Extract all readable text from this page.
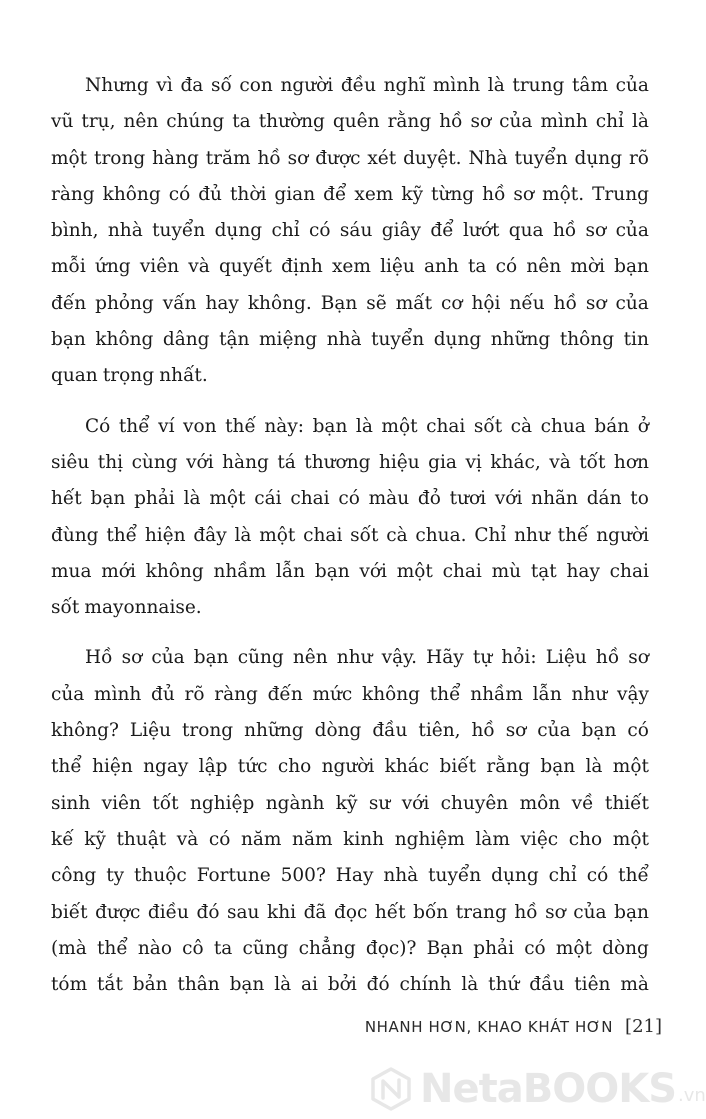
Nhưng vì đa số con người đều nghĩ mình là trung tâm của
vũ trụ, nên chúng ta thường quên rằng hồ sơ của mình chỉ là
một trong hàng trăm hồ sơ được xét duyệt. Nhà tuyển dụng rõ
ràng không có đủ thời gian để xem kỹ từng hồ sơ một. Trung
bình, nhà tuyển dụng chỉ có sáu giây để lướt qua hồ sơ của
mỗi ứng viên và quyết định xem liệu anh ta có nên mời bạn
đến phỏng vấn hay không. Bạn sẽ mất cơ hội nếu hồ sơ của
bạn không dâng tận miệng nhà tuyển dụng những thông tin
quan trọng nhất.
Có thể ví von thế này: bạn là một chai sốt cà chua bán ở
siêu thị cùng với hàng tá thương hiệu gia vị khác, và tốt hơn
hết bạn phải là một cái chai có màu đỏ tươi với nhãn dán to
đùng thể hiện đây là một chai sốt cà chua. Chỉ như thế người
mua mới không nhầm lẫn bạn với một chai mù tạt hay chai
sốt mayonnaise.
Hồ sơ của bạn cũng nên như vậy. Hãy tự hỏi: Liệu hồ sơ
của mình đủ rõ ràng đến mức không thể nhầm lẫn như vậy
không? Liệu trong những dòng đầu tiên, hồ sơ của bạn có
thể hiện ngay lập tức cho người khác biết rằng bạn là một
sinh viên tốt nghiệp ngành kỹ sư với chuyên môn về thiết
kế kỹ thuật và có năm năm kinh nghiệm làm việc cho một
công ty thuộc Fortune 500? Hay nhà tuyển dụng chỉ có thể
biết được điều đó sau khi đã đọc hết bốn trang hồ sơ của bạn
(mà thể nào cô ta cũng chẳng đọc)? Bạn phải có một dòng
tóm tắt bản thân bạn là ai bởi đó chính là thứ đầu tiên mà
NHANH HƠN, KHAO KHÁT HƠN [21]
NetaBOOKS .vn
